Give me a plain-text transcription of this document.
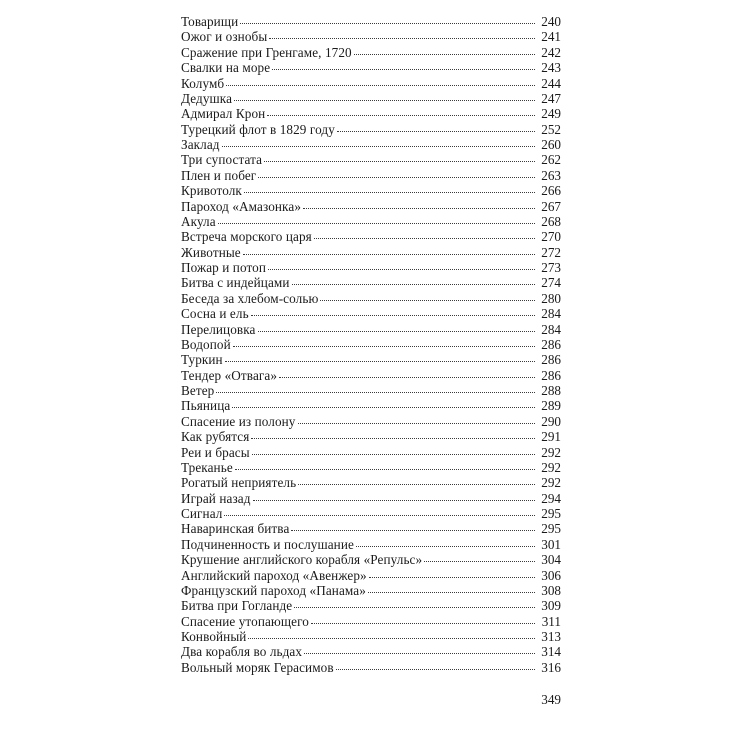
Товарищи	240
Ожог и ознобы	241
Сражение при Гренгаме, 1720	242
Свалки на море	243
Колумб	244
Дедушка	247
Адмирал Крон	249
Турецкий флот в 1829 году	252
Заклад	260
Три супостата	262
Плен и побег	263
Кривотолк	266
Пароход «Амазонка»	267
Акула	268
Встреча морского царя	270
Животные	272
Пожар и потоп	273
Битва с индейцами	274
Беседа за хлебом-солью	280
Сосна и ель	284
Перелицовка	284
Водопой	286
Туркин	286
Тендер «Отвага»	286
Ветер	288
Пьяница	289
Спасение из полону	290
Как рубятся	291
Реи и брасы	292
Треканье	292
Рогатый неприятель	292
Играй назад	294
Сигнал	295
Наваринская битва	295
Подчиненность и послушание	301
Крушение английского корабля «Репульс»	304
Английский пароход «Авенжер»	306
Французский пароход «Панама»	308
Битва при Гогланде	309
Спасение утопающего	311
Конвойный	313
Два корабля во льдах	314
Вольный моряк Герасимов	316
349
